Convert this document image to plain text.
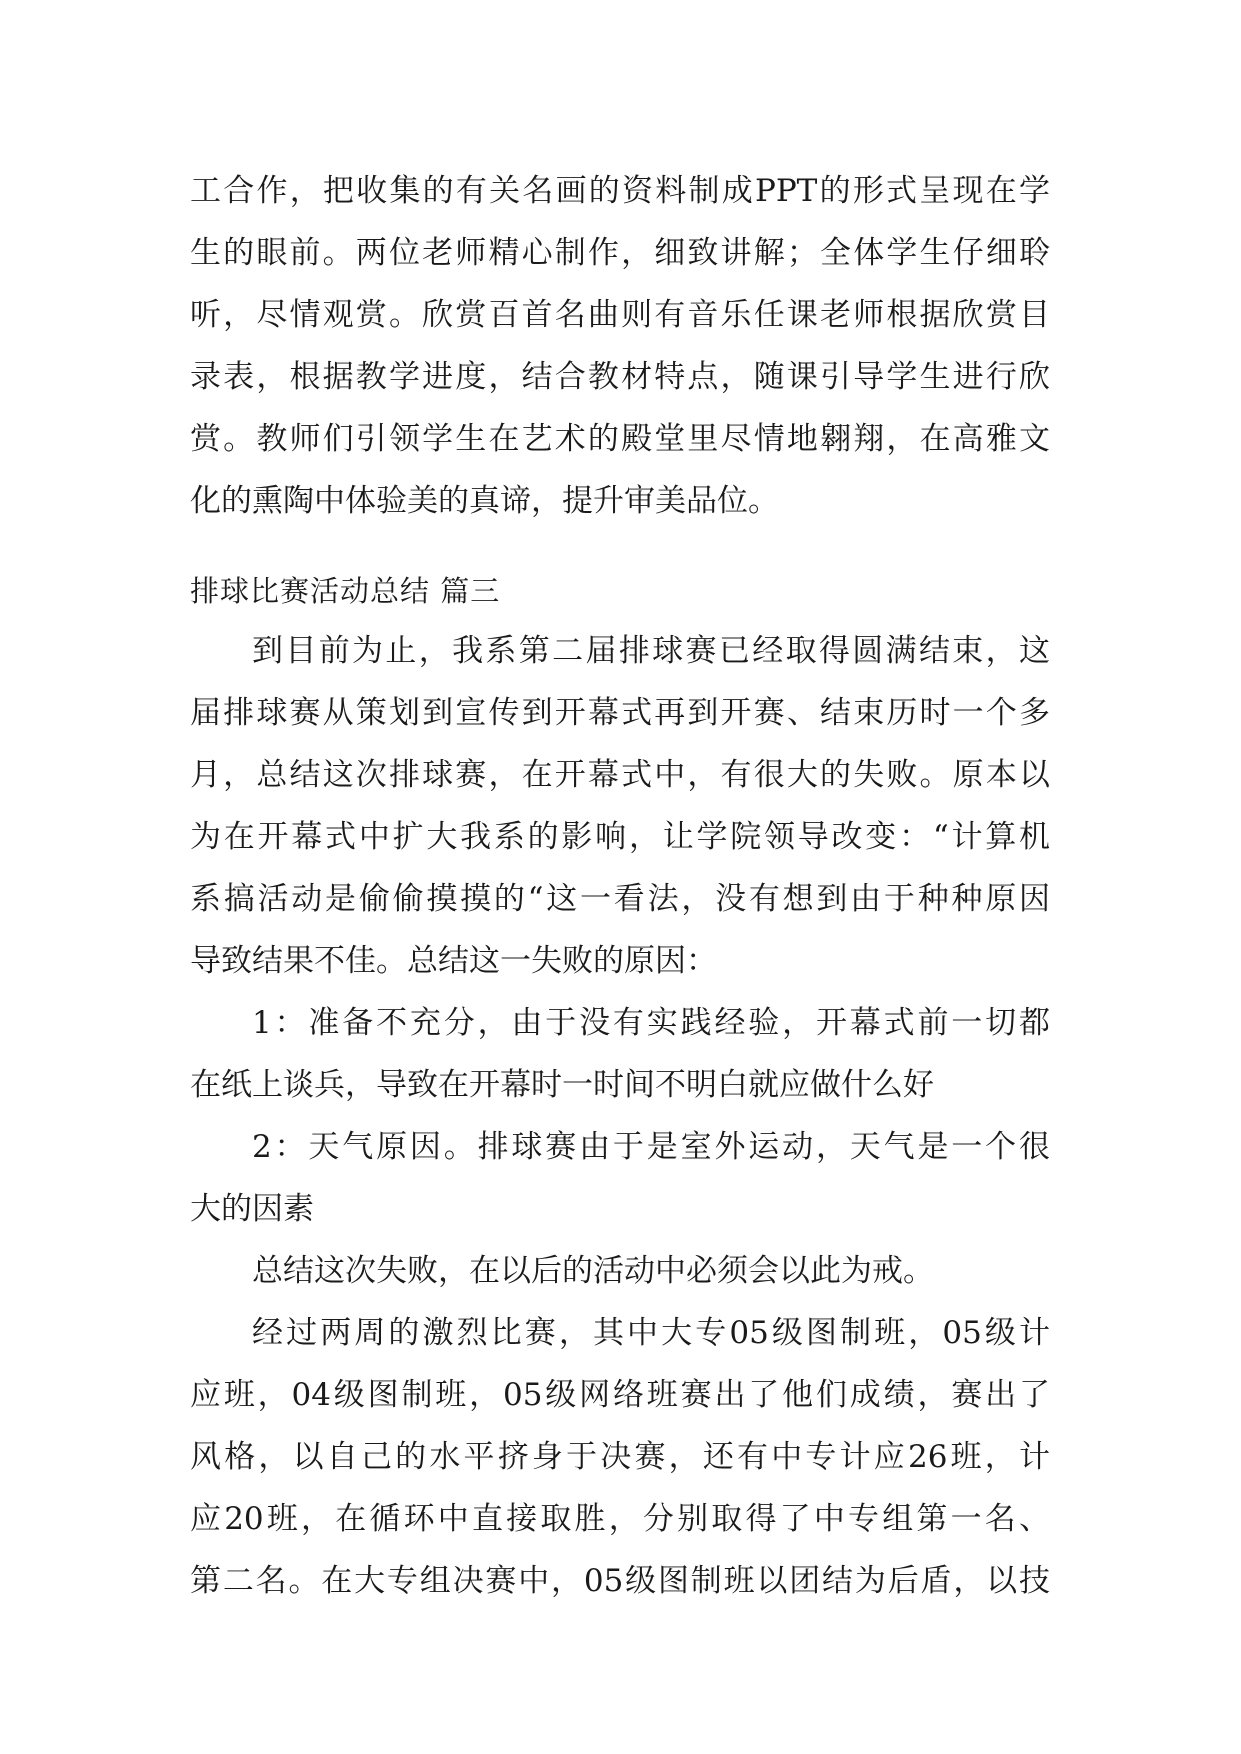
工合作，把收集的有关名画的资料制成PPT的形式呈现在学
生的眼前。两位老师精心制作，细致讲解；全体学生仔细聆
听，尽情观赏。欣赏百首名曲则有音乐任课老师根据欣赏目
录表，根据教学进度，结合教材特点，随课引导学生进行欣
赏。教师们引领学生在艺术的殿堂里尽情地翱翔，在高雅文
化的熏陶中体验美的真谛，提升审美品位。
排球比赛活动总结 篇三
到目前为止，我系第二届排球赛已经取得圆满结束，这
届排球赛从策划到宣传到开幕式再到开赛、结束历时一个多
月，总结这次排球赛，在开幕式中，有很大的失败。原本以
为在开幕式中扩大我系的影响，让学院领导改变：“计算机
系搞活动是偷偷摸摸的“这一看法，没有想到由于种种原因
导致结果不佳。总结这一失败的原因：
1：准备不充分，由于没有实践经验，开幕式前一切都
在纸上谈兵，导致在开幕时一时间不明白就应做什么好
2：天气原因。排球赛由于是室外运动，天气是一个很
大的因素
总结这次失败，在以后的活动中必须会以此为戒。
经过两周的激烈比赛，其中大专05级图制班，05级计
应班，04级图制班，05级网络班赛出了他们成绩，赛出了
风格，以自己的水平挤身于决赛，还有中专计应26班，计
应20班，在循环中直接取胜，分别取得了中专组第一名、
第二名。在大专组决赛中，05级图制班以团结为后盾，以技
